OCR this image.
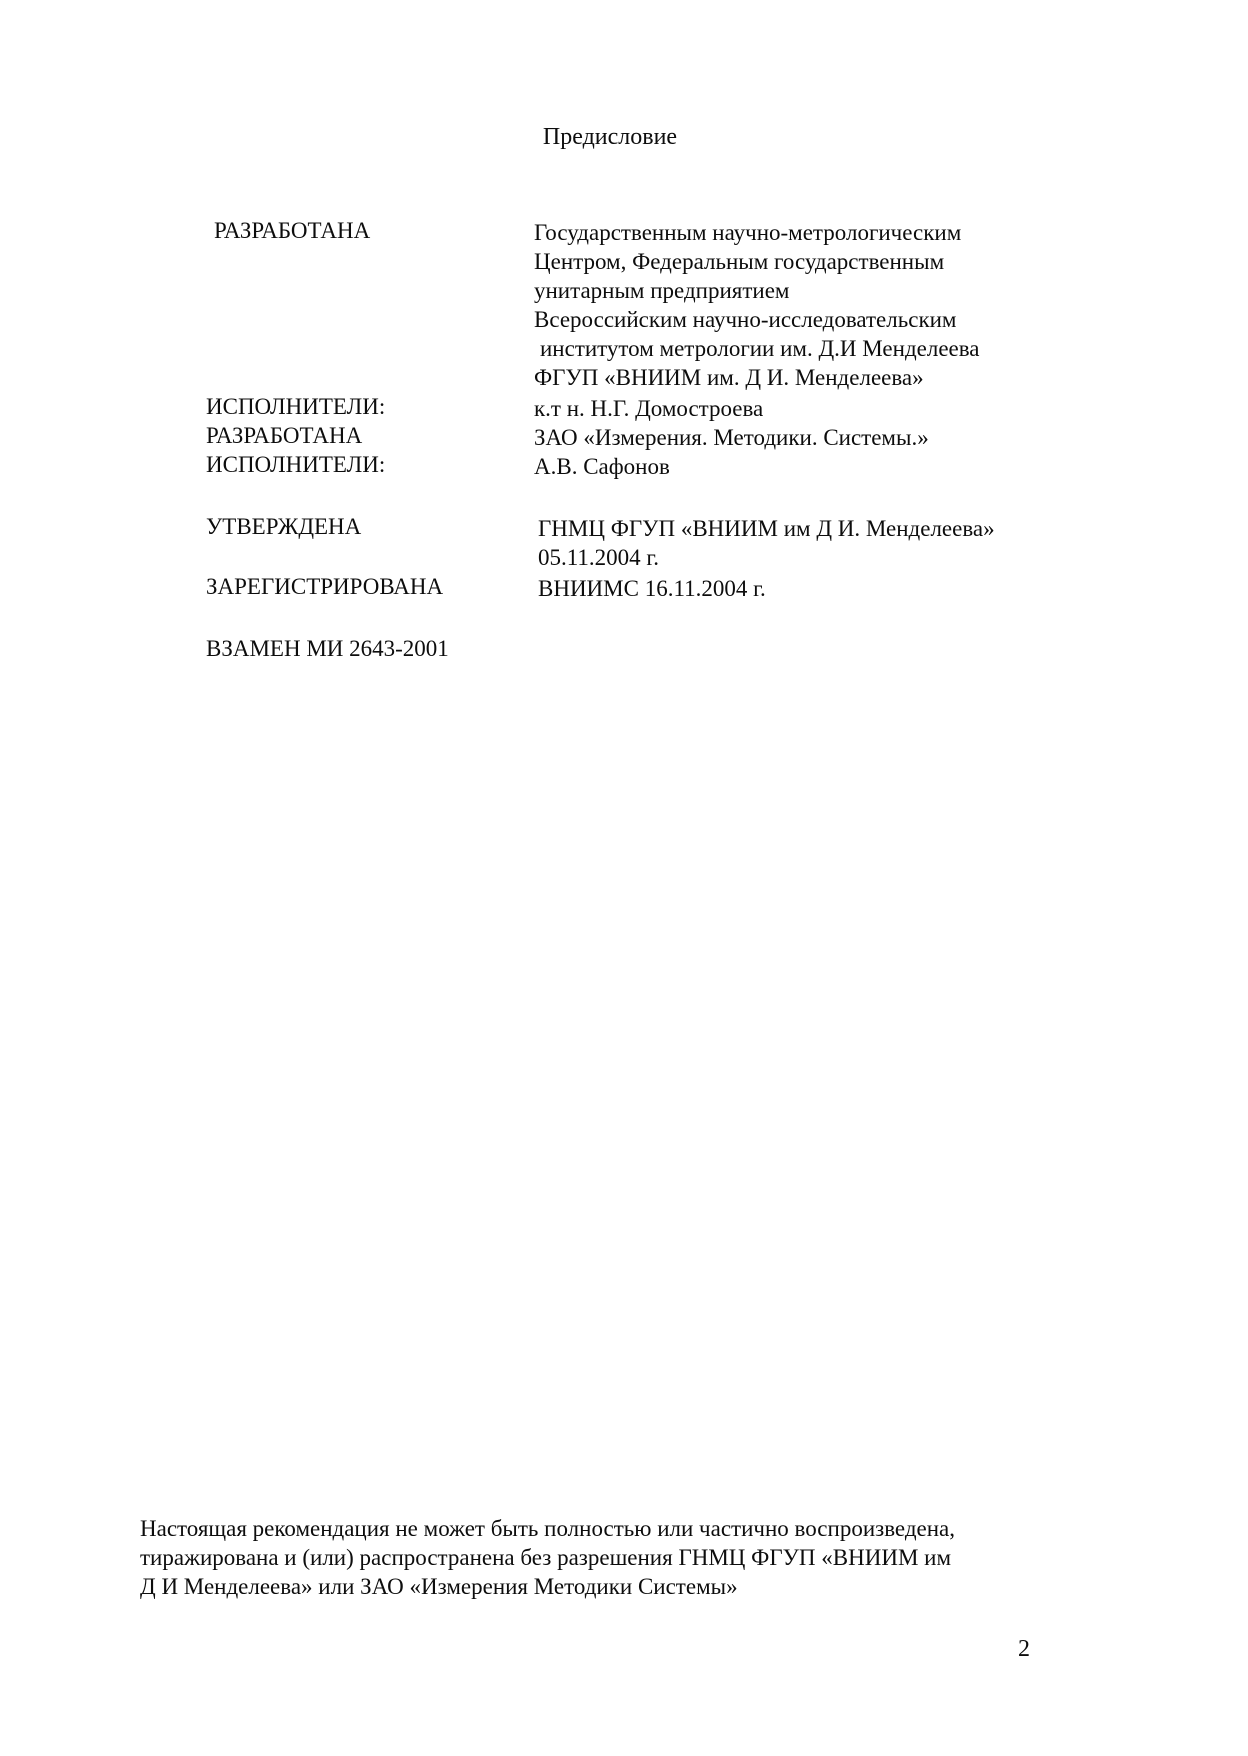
Предисловие
РАЗРАБОТАНА	Государственным научно-метрологическим
Центром, Федеральным государственным
унитарным предприятием
Всероссийским научно-исследовательским
институтом метрологии им. Д.И Менделеева
ФГУП «ВНИИМ им. Д И. Менделеева»
ИСПОЛНИТЕЛИ:	к.т н. Н.Г. Домостроева
РАЗРАБОТАНА	ЗАО «Измерения. Методики. Системы.»
ИСПОЛНИТЕЛИ:	А.В. Сафонов
УТВЕРЖДЕНА	ГНМЦ ФГУП «ВНИИМ им Д И. Менделеева»
05.11.2004 г.
ЗАРЕГИСТРИРОВАНА	ВНИИМС 16.11.2004 г.
ВЗАМЕН МИ 2643-2001
Настоящая рекомендация не может быть полностью или частично воспроизведена,
тиражирована и (или) распространена без разрешения ГНМЦ ФГУП «ВНИИМ им
Д И Менделеева» или ЗАО «Измерения Методики Системы»
2
